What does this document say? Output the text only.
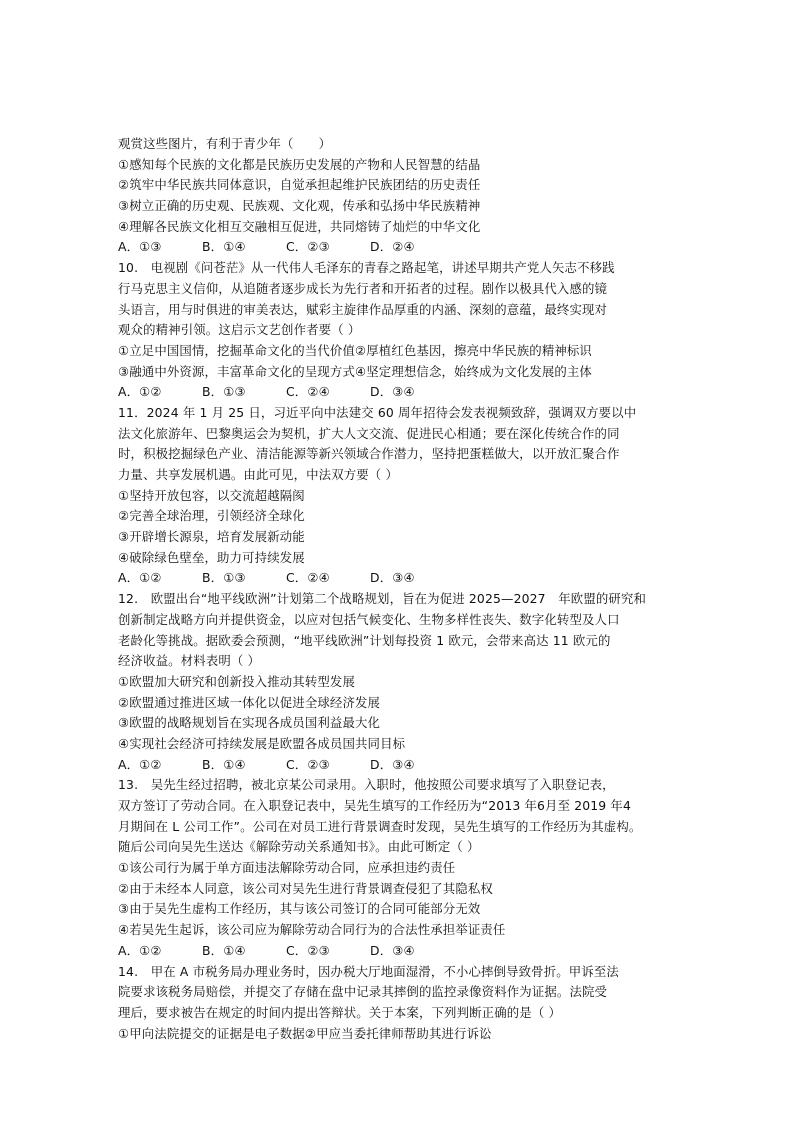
观赏这些图片，有利于青少年（　　）
①感知每个民族的文化都是民族历史发展的产物和人民智慧的结晶
②筑牢中华民族共同体意识，自觉承担起维护民族团结的历史责任
③树立正确的历史观、民族观、文化观，传承和弘扬中华民族精神
④理解各民族文化相互交融相互促进，共同熔铸了灿烂的中华文化
A．①③	B．①④	C．②③	D．②④
10.　电视剧《问苍茫》从一代伟人毛泽东的青春之路起笔，讲述早期共产党人矢志不移践
行马克思主义信仰，从追随者逐步成长为先行者和开拓者的过程。剧作以极具代入感的镜
头语言，用与时俱进的审美表达，赋彩主旋律作品厚重的内涵、深刻的意蕴，最终实现对
观众的精神引领。这启示文艺创作者要（ ）
①立足中国国情，挖掘革命文化的当代价值②厚植红色基因，擦亮中华民族的精神标识
③融通中外资源，丰富革命文化的呈现方式④坚定理想信念，始终成为文化发展的主体
A．①②	B．①③	C．②④	D．③④
11．2024 年 1 月 25 日，习近平向中法建交 60 周年招待会发表视频致辞，强调双方要以中
法文化旅游年、巴黎奥运会为契机，扩大人文交流、促进民心相通；要在深化传统合作的同
时，积极挖掘绿色产业、清洁能源等新兴领域合作潜力，坚持把蛋糕做大，以开放汇聚合作
力量、共享发展机遇。由此可见，中法双方要（ ）
①坚持开放包容，以交流超越隔阂
②完善全球治理，引领经济全球化
③开辟增长源泉，培育发展新动能
④破除绿色壁垒，助力可持续发展
A．①②	B．①③	C．②④	D．③④
12.　欧盟出台“地平线欧洲”计划第二个战略规划，旨在为促进 2025—2027　年欧盟的研究和
创新制定战略方向并提供资金，以应对包括气候变化、生物多样性丧失、数字化转型及人口
老龄化等挑战。据欧委会预测，“地平线欧洲”计划每投资 1 欧元，会带来高达 11 欧元的
经济收益。材料表明（ ）
①欧盟加大研究和创新投入推动其转型发展
②欧盟通过推进区域一体化以促进全球经济发展
③欧盟的战略规划旨在实现各成员国利益最大化
④实现社会经济可持续发展是欧盟各成员国共同目标
A．①②	B．①④	C．②③	D．③④
13.　吴先生经过招聘，被北京某公司录用。入职时，他按照公司要求填写了入职登记表，
双方签订了劳动合同。在入职登记表中，吴先生填写的工作经历为“2013 年6月至 2019 年4
月期间在 L 公司工作”。公司在对员工进行背景调查时发现，吴先生填写的工作经历为其虚构。
随后公司向吴先生送达《解除劳动关系通知书》。由此可断定（ ）
①该公司行为属于单方面违法解除劳动合同，应承担违约责任
②由于未经本人同意，该公司对吴先生进行背景调查侵犯了其隐私权
③由于吴先生虚构工作经历，其与该公司签订的合同可能部分无效
④若吴先生起诉，该公司应为解除劳动合同行为的合法性承担举证责任
A．①②	B．①④	C．②③	D．③④
14.　甲在 A 市税务局办理业务时，因办税大厅地面湿滑，不小心摔倒导致骨折。甲诉至法
院要求该税务局赔偿，并提交了存储在盘中记录其摔倒的监控录像资料作为证据。法院受
理后，要求被告在规定的时间内提出答辩状。关于本案，下列判断正确的是（ ）
①甲向法院提交的证据是电子数据②甲应当委托律师帮助其进行诉讼
